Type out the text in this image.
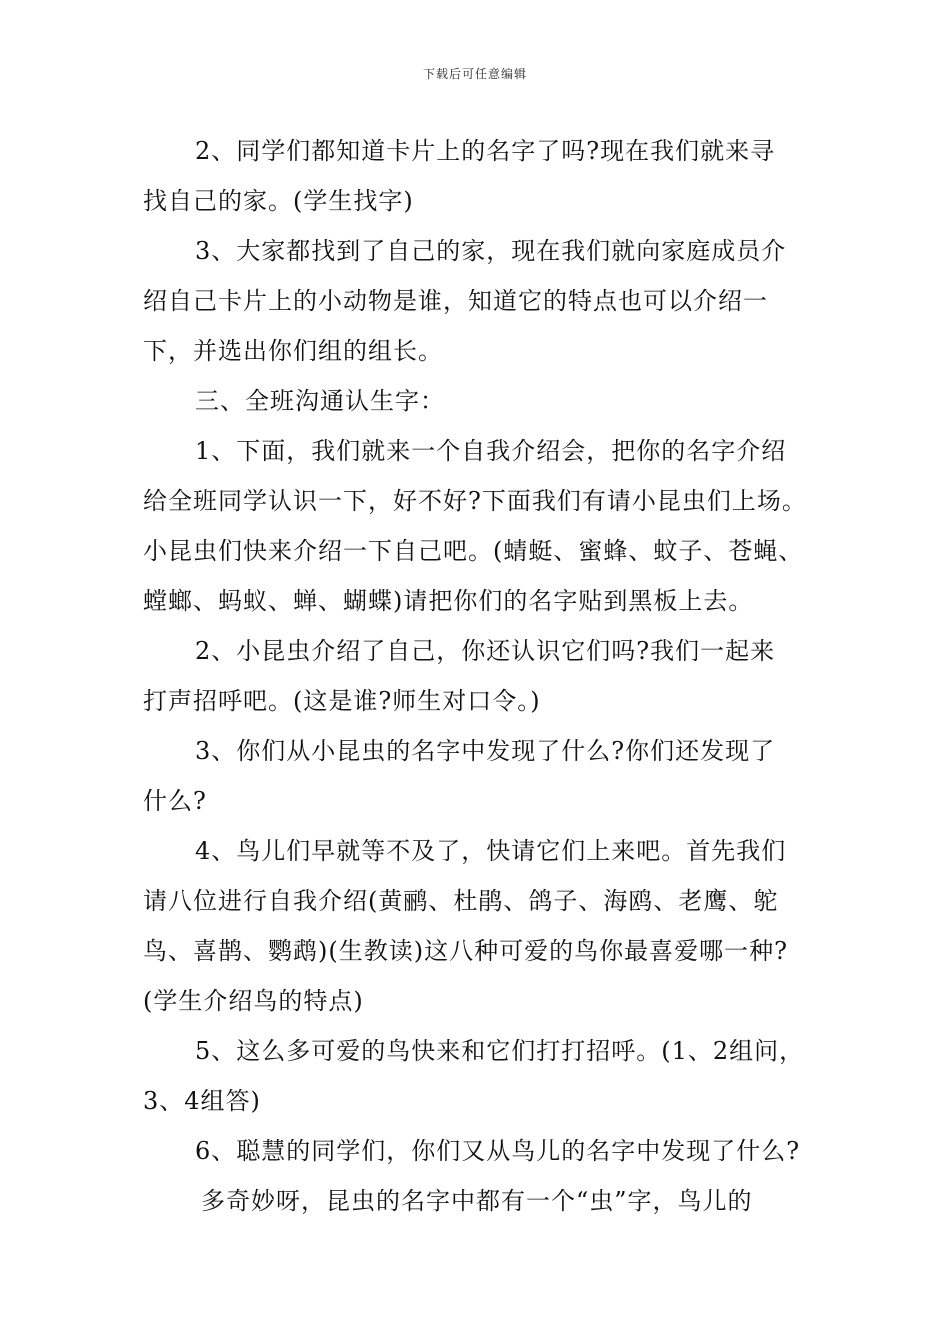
下载后可任意编辑
2、同学们都知道卡片上的名字了吗?现在我们就来寻
找自己的家。(学生找字)
3、大家都找到了自己的家，现在我们就向家庭成员介
绍自己卡片上的小动物是谁，知道它的特点也可以介绍一
下，并选出你们组的组长。
三、全班沟通认生字：
1、下面，我们就来一个自我介绍会，把你的名字介绍
给全班同学认识一下，好不好?下面我们有请小昆虫们上场。
小昆虫们快来介绍一下自己吧。(蜻蜓、蜜蜂、蚊子、苍蝇、
螳螂、蚂蚁、蝉、蝴蝶)请把你们的名字贴到黑板上去。
2、小昆虫介绍了自己，你还认识它们吗?我们一起来
打声招呼吧。(这是谁?师生对口令。)
3、你们从小昆虫的名字中发现了什么?你们还发现了
什么?
4、鸟儿们早就等不及了，快请它们上来吧。首先我们
请八位进行自我介绍(黄鹂、杜鹃、鸽子、海鸥、老鹰、鸵
鸟、喜鹊、鹦鹉)(生教读)这八种可爱的鸟你最喜爱哪一种?
(学生介绍鸟的特点)
5、这么多可爱的鸟快来和它们打打招呼。(1、2组问，
3、4组答)
6、聪慧的同学们，你们又从鸟儿的名字中发现了什么?
多奇妙呀，昆虫的名字中都有一个“虫”字，鸟儿的
